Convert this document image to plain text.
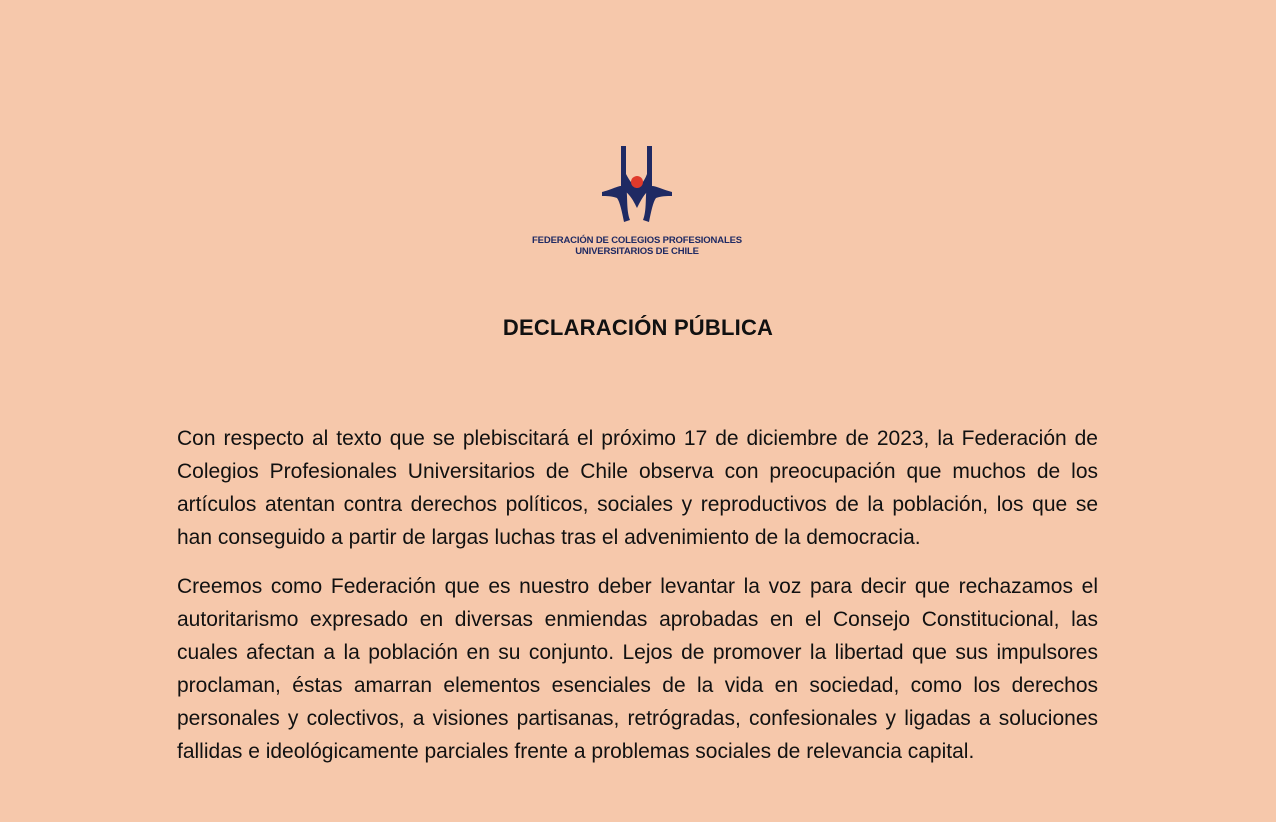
FEDERACIÓN DE COLEGIOS PROFESIONALES
UNIVERSITARIOS DE CHILE
DECLARACIÓN PÚBLICA

Con respecto al texto que se plebiscitará el próximo 17 de diciembre de 2023, la Federación de Colegios Profesionales Universitarios de Chile observa con preocupación que muchos de los artículos atentan contra derechos políticos, sociales y reproductivos de la población, los que se han conseguido a partir de largas luchas tras el advenimiento de la democracia.

Creemos como Federación que es nuestro deber levantar la voz para decir que rechazamos el autoritarismo expresado en diversas enmiendas aprobadas en el Consejo Constitucional, las cuales afectan a la población en su conjunto. Lejos de promover la libertad que sus impulsores proclaman, éstas amarran elementos esenciales de la vida en sociedad, como los derechos personales y colectivos, a visiones partisanas, retrógradas, confesionales y ligadas a soluciones fallidas e ideológicamente parciales frente a problemas sociales de relevancia capital.
